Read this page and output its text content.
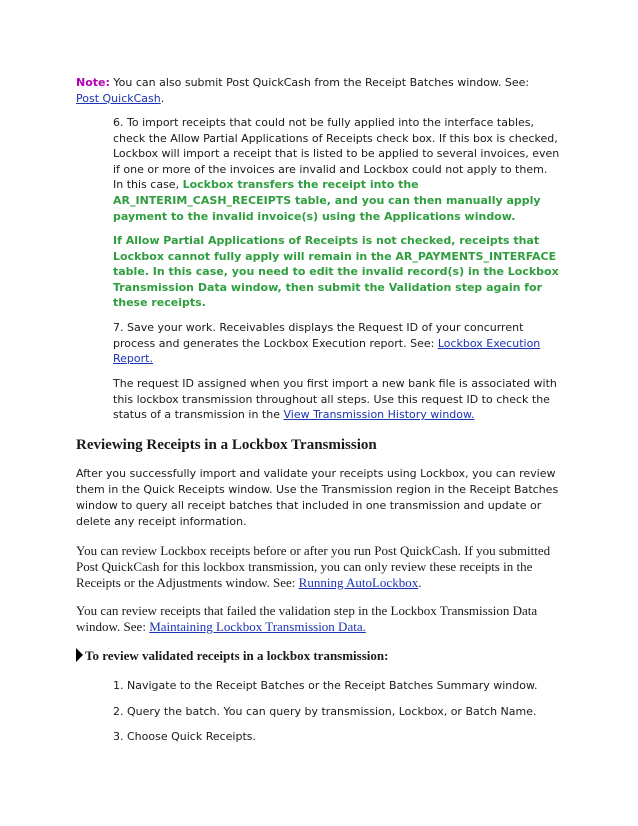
Note: You can also submit Post QuickCash from the Receipt Batches window. See:
Post QuickCash.
6. To import receipts that could not be fully applied into the interface tables, check the Allow Partial Applications of Receipts check box. If this box is checked, Lockbox will import a receipt that is listed to be applied to several invoices, even if one or more of the invoices are invalid and Lockbox could not apply to them. In this case, Lockbox transfers the receipt into the AR_INTERIM_CASH_RECEIPTS table, and you can then manually apply payment to the invalid invoice(s) using the Applications window.
If Allow Partial Applications of Receipts is not checked, receipts that Lockbox cannot fully apply will remain in the AR_PAYMENTS_INTERFACE table. In this case, you need to edit the invalid record(s) in the Lockbox Transmission Data window, then submit the Validation step again for these receipts.
7. Save your work. Receivables displays the Request ID of your concurrent process and generates the Lockbox Execution report. See: Lockbox Execution Report.
The request ID assigned when you first import a new bank file is associated with this lockbox transmission throughout all steps. Use this request ID to check the status of a transmission in the View Transmission History window.
Reviewing Receipts in a Lockbox Transmission
After you successfully import and validate your receipts using Lockbox, you can review them in the Quick Receipts window. Use the Transmission region in the Receipt Batches window to query all receipt batches that included in one transmission and update or delete any receipt information.
You can review Lockbox receipts before or after you run Post QuickCash. If you submitted Post QuickCash for this lockbox transmission, you can only review these receipts in the Receipts or the Adjustments window. See: Running AutoLockbox.
You can review receipts that failed the validation step in the Lockbox Transmission Data window. See: Maintaining Lockbox Transmission Data.
To review validated receipts in a lockbox transmission:
1. Navigate to the Receipt Batches or the Receipt Batches Summary window.
2. Query the batch. You can query by transmission, Lockbox, or Batch Name.
3. Choose Quick Receipts.
